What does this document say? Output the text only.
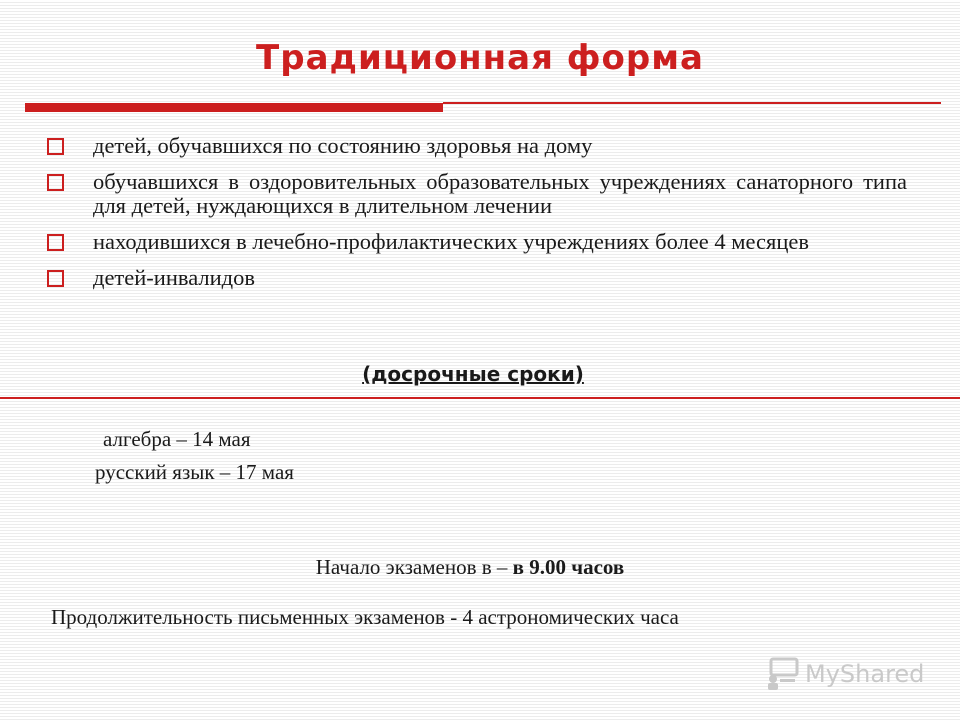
Традиционная форма
детей, обучавшихся по состоянию здоровья на дому
обучавшихся в оздоровительных образовательных учреждениях санаторного типа для детей, нуждающихся в длительном лечении
находившихся в лечебно-профилактических учреждениях более 4 месяцев
детей-инвалидов
(досрочные сроки)
алгебра – 14 мая
русский язык – 17 мая
Начало экзаменов в – в 9.00 часов
Продолжительность письменных экзаменов - 4 астрономических часа
MyShared
